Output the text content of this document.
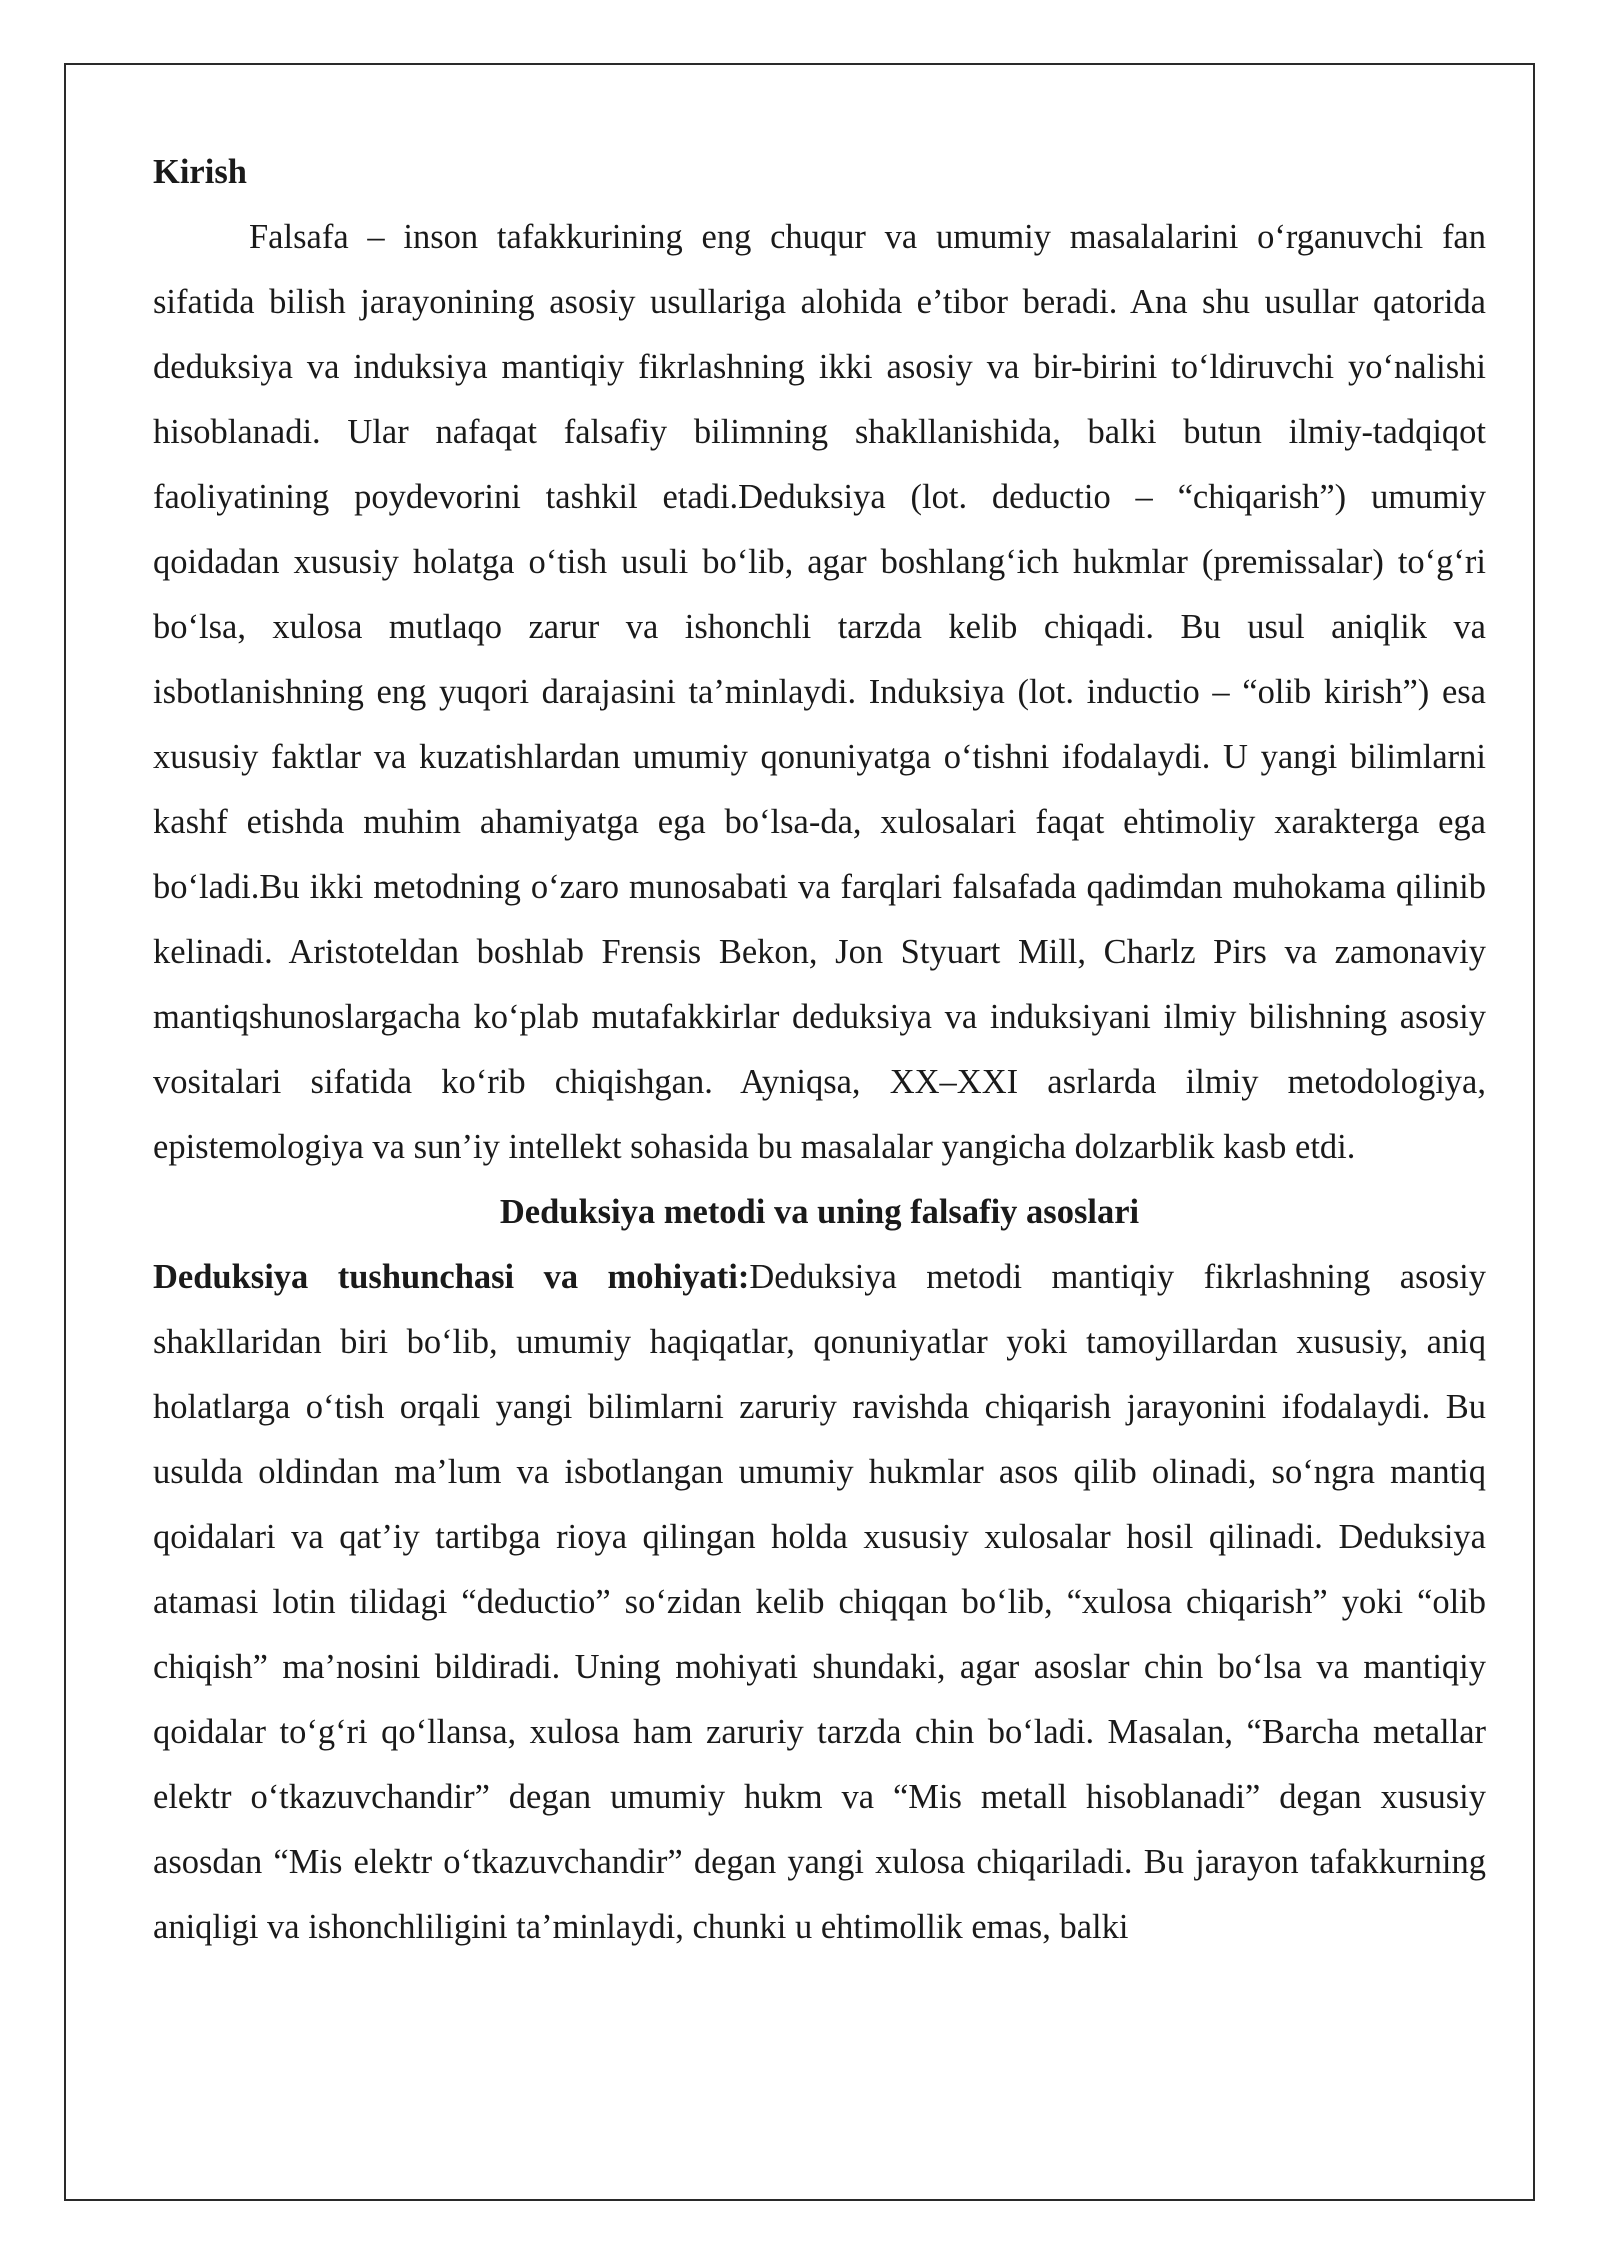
Kirish

Falsafa – inson tafakkurining eng chuqur va umumiy masalalarini o‘rganuvchi fan sifatida bilish jarayonining asosiy usullariga alohida e’tibor beradi. Ana shu usullar qatorida deduksiya va induksiya mantiqiy fikrlashning ikki asosiy va bir-birini to‘ldiruvchi yo‘nalishi hisoblanadi. Ular nafaqat falsafiy bilimning shakllanishida, balki butun ilmiy-tadqiqot faoliyatining poydevorini tashkil etadi.Deduksiya (lot. deductio – “chiqarish”) umumiy qoidadan xususiy holatga o‘tish usuli bo‘lib, agar boshlang‘ich hukmlar (premissalar) to‘g‘ri bo‘lsa, xulosa mutlaqo zarur va ishonchli tarzda kelib chiqadi. Bu usul aniqlik va isbotlanishning eng yuqori darajasini ta’minlaydi. Induksiya (lot. inductio – “olib kirish”) esa xususiy faktlar va kuzatishlardan umumiy qonuniyatga o‘tishni ifodalaydi. U yangi bilimlarni kashf etishda muhim ahamiyatga ega bo‘lsa-da, xulosalari faqat ehtimoliy xarakterga ega bo‘ladi.Bu ikki metodning o‘zaro munosabati va farqlari falsafada qadimdan muhokama qilinib kelinadi. Aristoteldan boshlab Frensis Bekon, Jon Styuart Mill, Charlz Pirs va zamonaviy mantiqshunoslargacha ko‘plab mutafakkirlar deduksiya va induksiyani ilmiy bilishning asosiy vositalari sifatida ko‘rib chiqishgan. Ayniqsa, XX–XXI asrlarda ilmiy metodologiya, epistemologiya va sun’iy intellekt sohasida bu masalalar yangicha dolzarblik kasb etdi.

Deduksiya metodi va uning falsafiy asoslari

Deduksiya tushunchasi va mohiyati:Deduksiya metodi mantiqiy fikrlashning asosiy shakllaridan biri bo‘lib, umumiy haqiqatlar, qonuniyatlar yoki tamoyillardan xususiy, aniq holatlarga o‘tish orqali yangi bilimlarni zaruriy ravishda chiqarish jarayonini ifodalaydi. Bu usulda oldindan ma’lum va isbotlangan umumiy hukmlar asos qilib olinadi, so‘ngra mantiq qoidalari va qat’iy tartibga rioya qilingan holda xususiy xulosalar hosil qilinadi. Deduksiya atamasi lotin tilidagi “deductio” so‘zidan kelib chiqqan bo‘lib, “xulosa chiqarish” yoki “olib chiqish” ma’nosini bildiradi. Uning mohiyati shundaki, agar asoslar chin bo‘lsa va mantiqiy qoidalar to‘g‘ri qo‘llansa, xulosa ham zaruriy tarzda chin bo‘ladi. Masalan, “Barcha metallar elektr o‘tkazuvchandir” degan umumiy hukm va “Mis metall hisoblanadi” degan xususiy asosdan “Mis elektr o‘tkazuvchandir” degan yangi xulosa chiqariladi. Bu jarayon tafakkurning aniqligi va ishonchliligini ta’minlaydi, chunki u ehtimollik emas, balki
